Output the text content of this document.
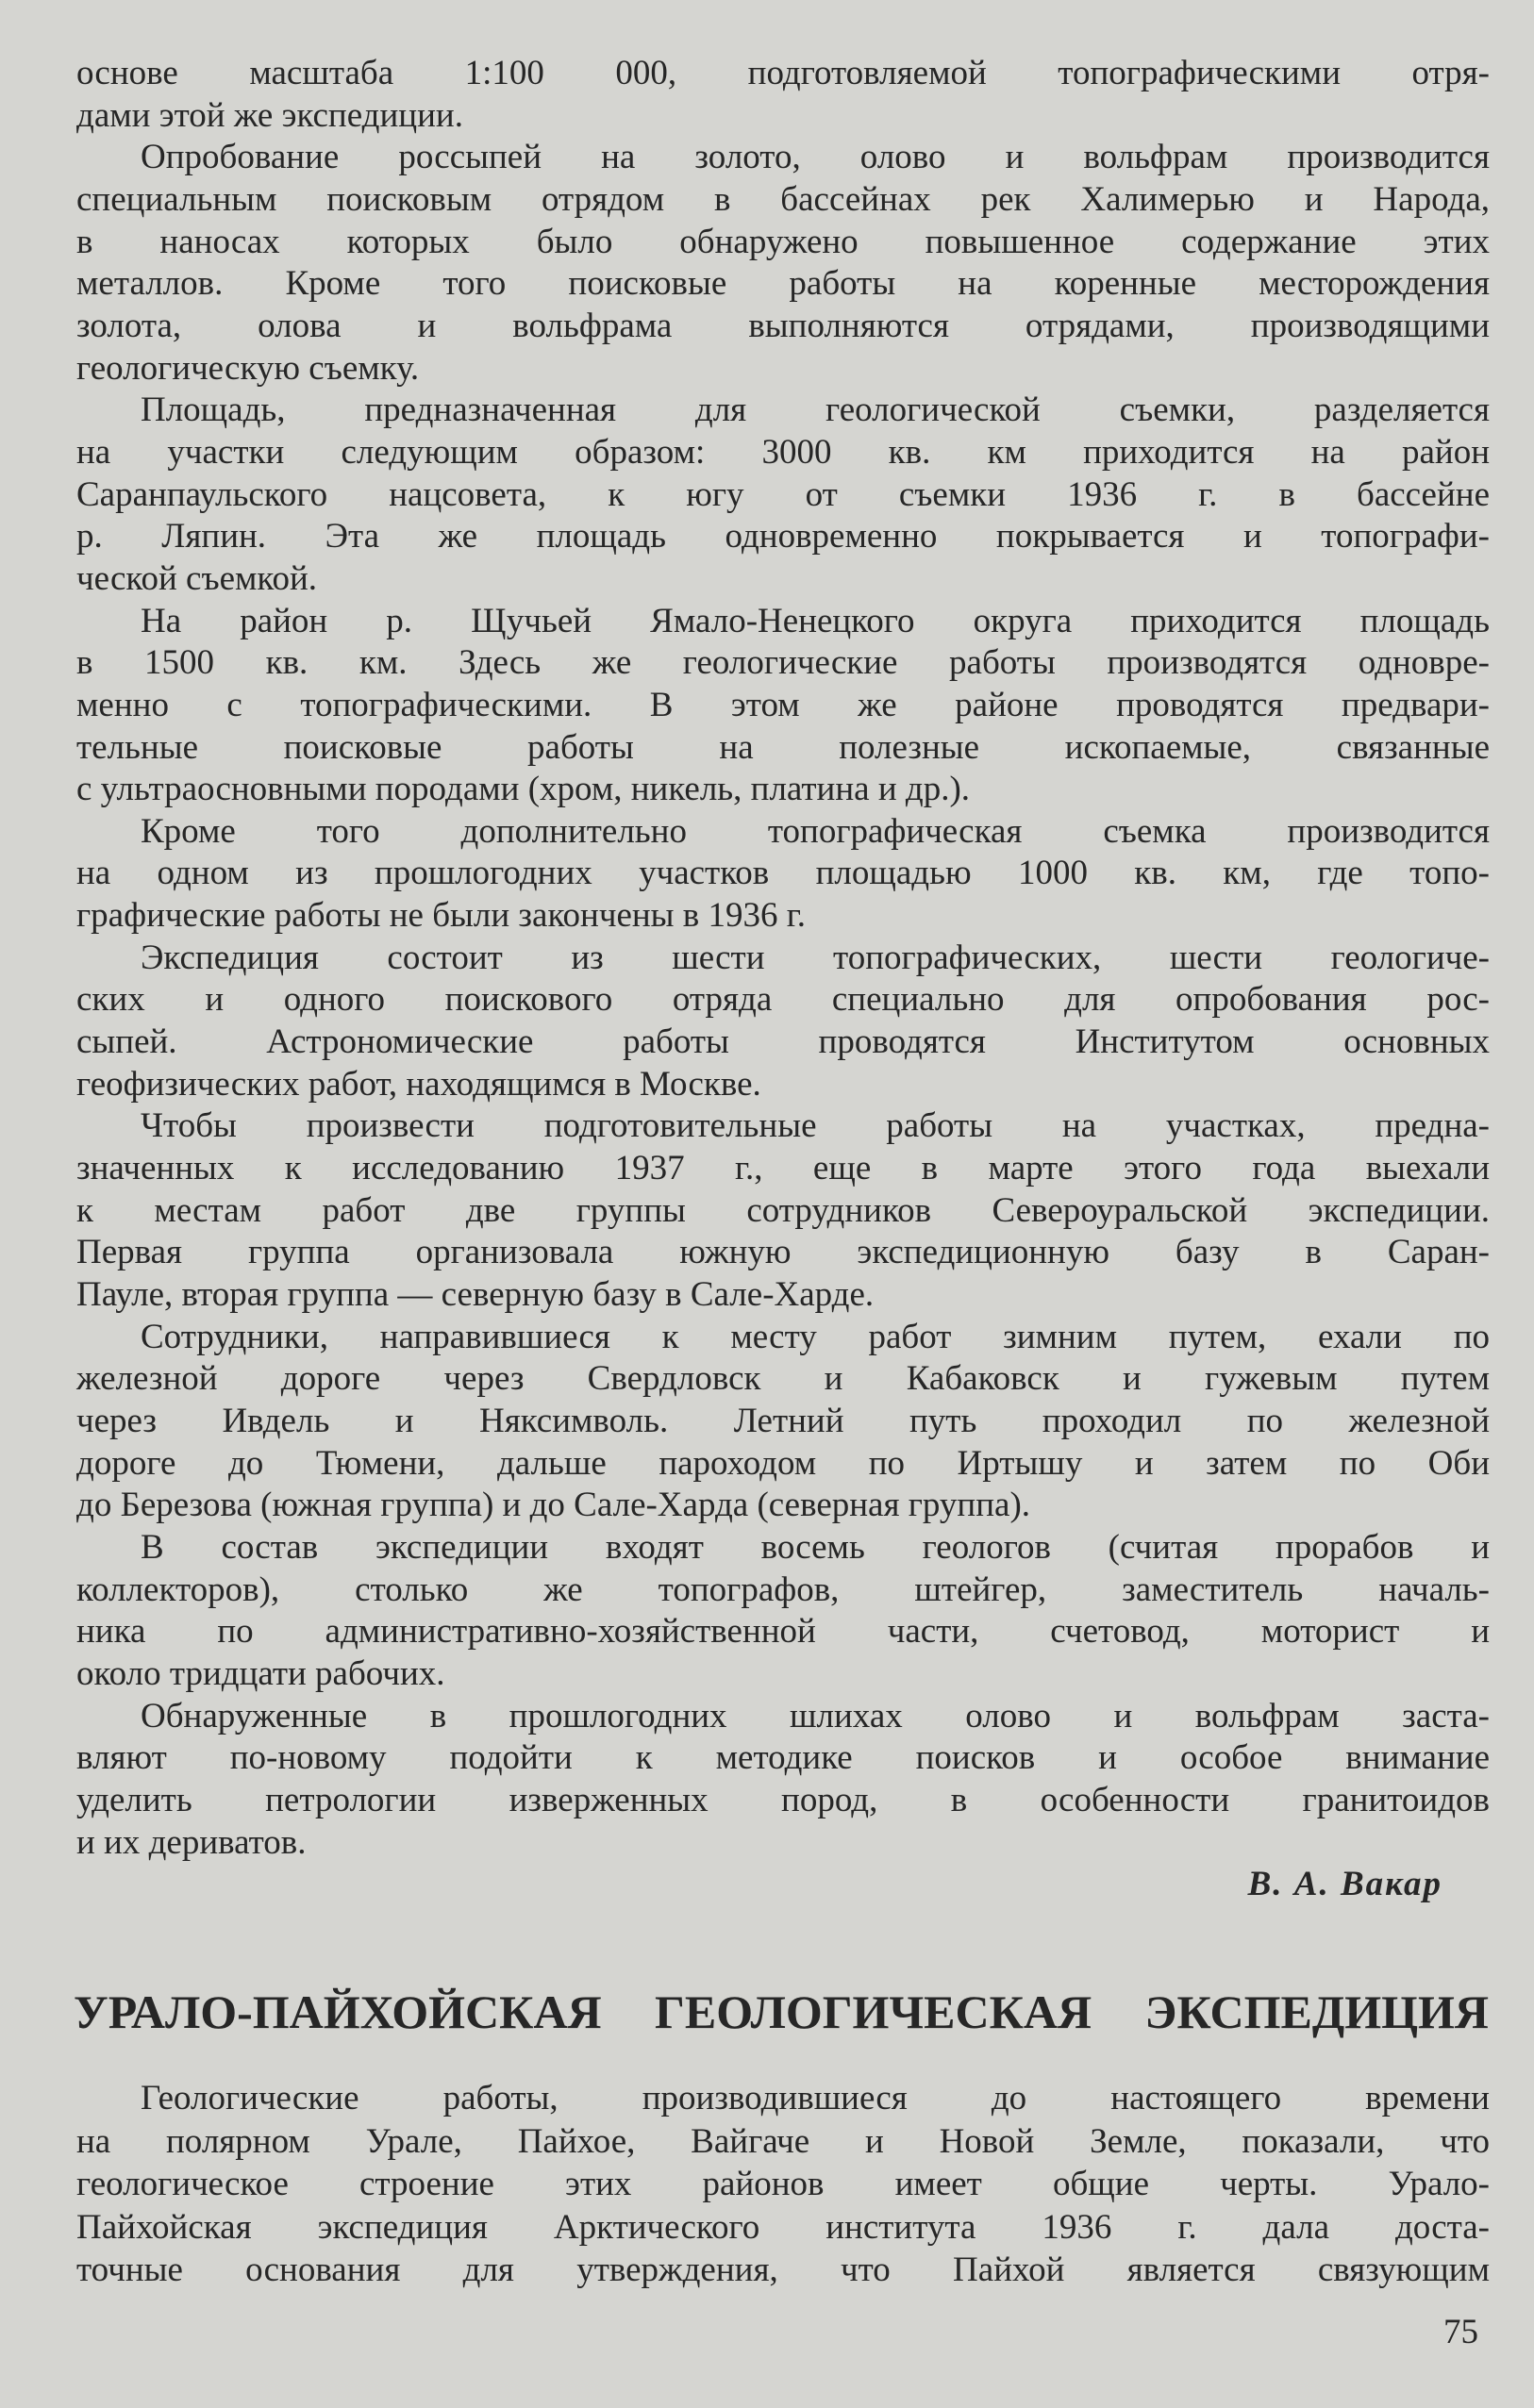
основе масштаба 1:100 000, подготовляемой топографическими отря-
дами этой же экспедиции.
Опробование россыпей на золото, олово и вольфрам производится
специальным поисковым отрядом в бассейнах рек Халимерью и Народа,
в наносах которых было обнаружено повышенное содержание этих
металлов. Кроме того поисковые работы на коренные месторождения
золота, олова и вольфрама выполняются отрядами, производящими
геологическую съемку.
Площадь, предназначенная для геологической съемки, разделяется
на участки следующим образом: 3000 кв. км приходится на район
Саранпаульского нацсовета, к югу от съемки 1936 г. в бассейне
р. Ляпин. Эта же площадь одновременно покрывается и топографи-
ческой съемкой.
На район р. Щучьей Ямало-Ненецкого округа приходится площадь
в 1500 кв. км. Здесь же геологические работы производятся одновре-
менно с топографическими. В этом же районе проводятся предвари-
тельные поисковые работы на полезные ископаемые, связанные
с ультраосновными породами (хром, никель, платина и др.).
Кроме того дополнительно топографическая съемка производится
на одном из прошлогодних участков площадью 1000 кв. км, где топо-
графические работы не были закончены в 1936 г.
Экспедиция состоит из шести топографических, шести геологиче-
ских и одного поискового отряда специально для опробования рос-
сыпей. Астрономические работы проводятся Институтом основных
геофизических работ, находящимся в Москве.
Чтобы произвести подготовительные работы на участках, предна-
значенных к исследованию 1937 г., еще в марте этого года выехали
к местам работ две группы сотрудников Североуральской экспедиции.
Первая группа организовала южную экспедиционную базу в Саран-
Пауле, вторая группа — северную базу в Сале-Харде.
Сотрудники, направившиеся к месту работ зимним путем, ехали по
железной дороге через Свердловск и Кабаковск и гужевым путем
через Ивдель и Няксимволь. Летний путь проходил по железной
дороге до Тюмени, дальше пароходом по Иртышу и затем по Оби
до Березова (южная группа) и до Сале-Харда (северная группа).
В состав экспедиции входят восемь геологов (считая прорабов и
коллекторов), столько же топографов, штейгер, заместитель началь-
ника по административно-хозяйственной части, счетовод, моторист и
около тридцати рабочих.
Обнаруженные в прошлогодних шлихах олово и вольфрам заста-
вляют по-новому подойти к методике поисков и особое внимание
уделить петрологии изверженных пород, в особенности гранитоидов
и их дериватов.
В. А. Вакар
УРАЛО-ПАЙХОЙСКАЯ ГЕОЛОГИЧЕСКАЯ ЭКСПЕДИЦИЯ
Геологические работы, производившиеся до настоящего времени
на полярном Урале, Пайхое, Вайгаче и Новой Земле, показали, что
геологическое строение этих районов имеет общие черты. Урало-
Пайхойская экспедиция Арктического института 1936 г. дала доста-
точные основания для утверждения, что Пайхой является связующим
75
